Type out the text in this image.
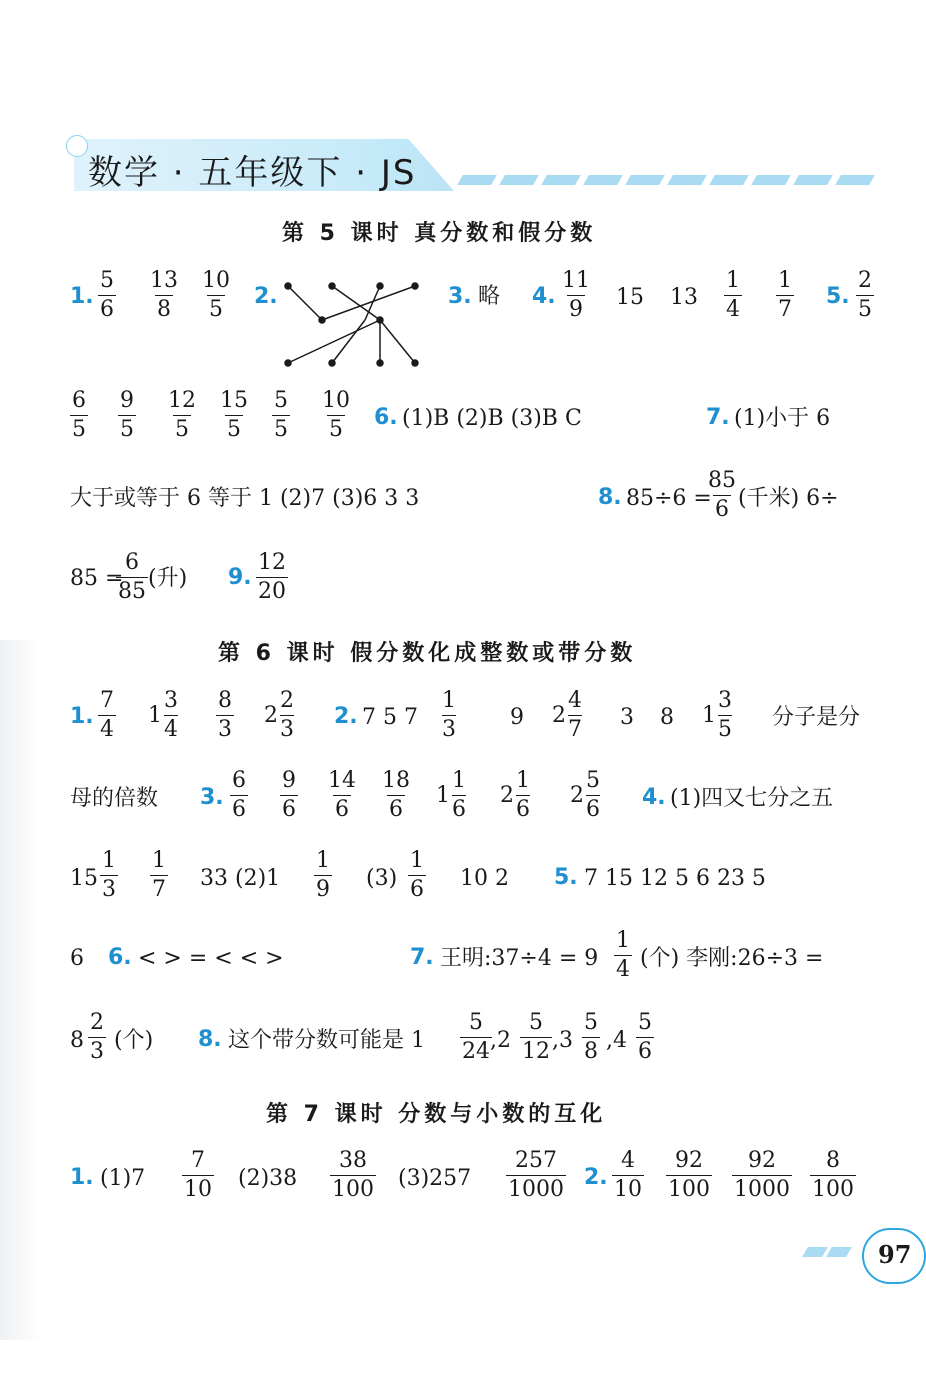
数学 · 五年级下 · JS
第 5 课时 真分数和假分数
1. $\frac{5}{6} \frac{13}{8} \frac{10}{5} 2$.	3. 略 4. $\frac{11}{9} 15$ $13 \frac{1}{4} \frac{1}{7} 5$. $\frac{2}{5}$
$\frac{6}{5} \frac{9}{5} \frac{12}{5} \frac{15}{5} \frac{5}{5} \frac{10}{5} 6$. (1)B (2)B (3)B C	7. (1)小于 6
大于或等于 6 等于 1 (2)7 (3)6 3 3	8. 85÷6 =
$\frac{85}{6}$ (千米) 6÷
85 =
$\frac{6}{85}$ (升) 9. $\frac{12}{20}$
第 6 课时 假分数化成整数或带分数
1. $\frac{7}{4} 1$
3
$4 \frac{8}{3} 2$
2
3
2. 7 5 7
1
3 9 2
4
7 3 8 1
3
5 分子是分
母的倍数 3. $\frac{6}{6} \frac{9}{6} \frac{14}{6} \frac{18}{6} 1$
1
6
2
1
6
2
5
6 4. (1)四又七分之五
$15 \frac{1}{3} \frac{1}{7} 33$ $(2)1 \frac{1}{9} (3) \frac{1}{6} 10$ 2 5. 7 15 12 5 6 23 5
6 6. < > = < < >	7. 王明:37÷4 = $9 \frac{1}{4}$ (个) 李刚:26÷3 =
$8 \frac{2}{3}$ (个) 8. 这个带分数可能是 $1 \frac{5}{24}$
$,2 \frac{5}{12} ,3 \frac{5}{8} ,4 \frac{5}{6}$
第 7 课时 分数与小数的互化
1. $(1)7 \frac{7}{10} (2)38 \frac{38}{100} (3)257 \frac{257}{1000} 2$. $\frac{4}{10} \frac{92}{100} \frac{92}{1000} \frac{8}{100}$
97
